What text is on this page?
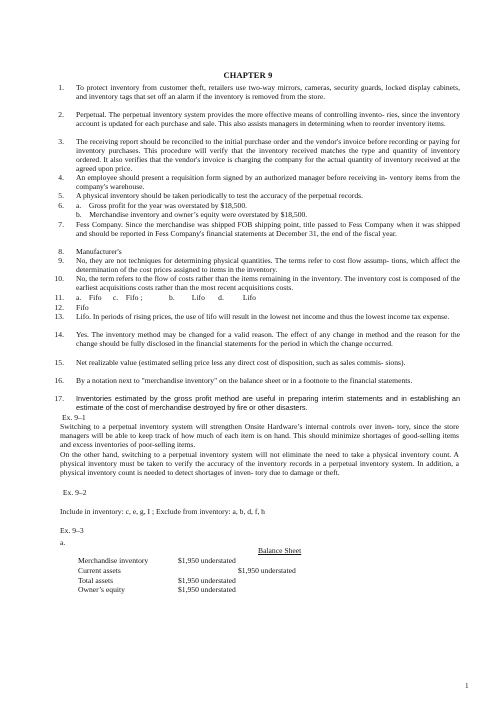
CHAPTER 9
1. To protect inventory from customer theft, retailers use two-way mirrors, cameras, security guards, locked display cabinets, and inventory tags that set off an alarm if the inventory is removed from the store.
2. Perpetual. The perpetual inventory system provides the more effective means of controlling invento- ries, since the inventory account is updated for each purchase and sale. This also assists managers in determining when to reorder inventory items.
3. The receiving report should be reconciled to the initial purchase order and the vendor's invoice before recording or paying for inventory purchases. This procedure will verify that the inventory received matches the type and quantity of inventory ordered. It also verifies that the vendor's invoice is charging the company for the actual quantity of inventory received at the agreed upon price.
4. An employee should present a requisition form signed by an authorized manager before receiving in- ventory items from the company's warehouse.
5. A physical inventory should be taken periodically to test the accuracy of the perpetual records.
6. a.    Gross profit for the year was overstated by $18,500.
b.    Merchandise inventory and owner’s equity were overstated by $18,500.
7. Fess Company. Since the merchandise was shipped FOB shipping point, title passed to Fess Company when it was shipped and should be reported in Fess Company's financial statements at December 31, the end of the fiscal year.
8. Manufacturer's
9. No, they are not techniques for determining physical quantities. The terms refer to cost flow assump- tions, which affect the determination of the cost prices assigned to items in the inventory.
10. No, the term refers to the flow of costs rather than the items remaining in the inventory. The inventory cost is composed of the earliest acquisitions costs rather than the most recent acquisitions costs.
11. a.    Fifo      c.    Fifo ;              b.         Lifo       d.          Lifo
12. Fifo
13. Lifo. In periods of rising prices, the use of lifo will result in the lowest net income and thus the lowest income tax expense.
14. Yes. The inventory method may be changed for a valid reason. The effect of any change in method and the reason for the change should be fully disclosed in the financial statements for the period in which the change occurred.
15. Net realizable value (estimated selling price less any direct cost of disposition, such as sales commis- sions).
16. By a notation next to "merchandise inventory" on the balance sheet or in a footnote to the financial statements.
17. Inventories estimated by the gross profit method are useful in preparing interim statements and in establishing an estimate of the cost of merchandise destroyed by fire or other disasters.
Ex. 9–1
Switching to a perpetual inventory system will strengthen Onsite Hardware’s internal controls over inven- tory, since the store managers will be able to keep track of how much of each item is on hand. This should minimize shortages of good-selling items and excess inventories of poor-selling items.
On the other hand, switching to a perpetual inventory system will not eliminate the need to take a physical inventory count. A physical inventory must be taken to verify the accuracy of the inventory records in a perpetual inventory system. In addition, a physical inventory count is needed to detect shortages of inven- tory due to damage or theft.
Ex. 9–2
Include in inventory: c, e, g, I ; Exclude from inventory: a, b, d, f, h
Ex. 9–3
a.
Balance Sheet
Merchandise inventory	$1,950 understated
Current assets	$1,950 understated
Total assets	$1,950 understated
Owner’s equity	$1,950 understated
1
